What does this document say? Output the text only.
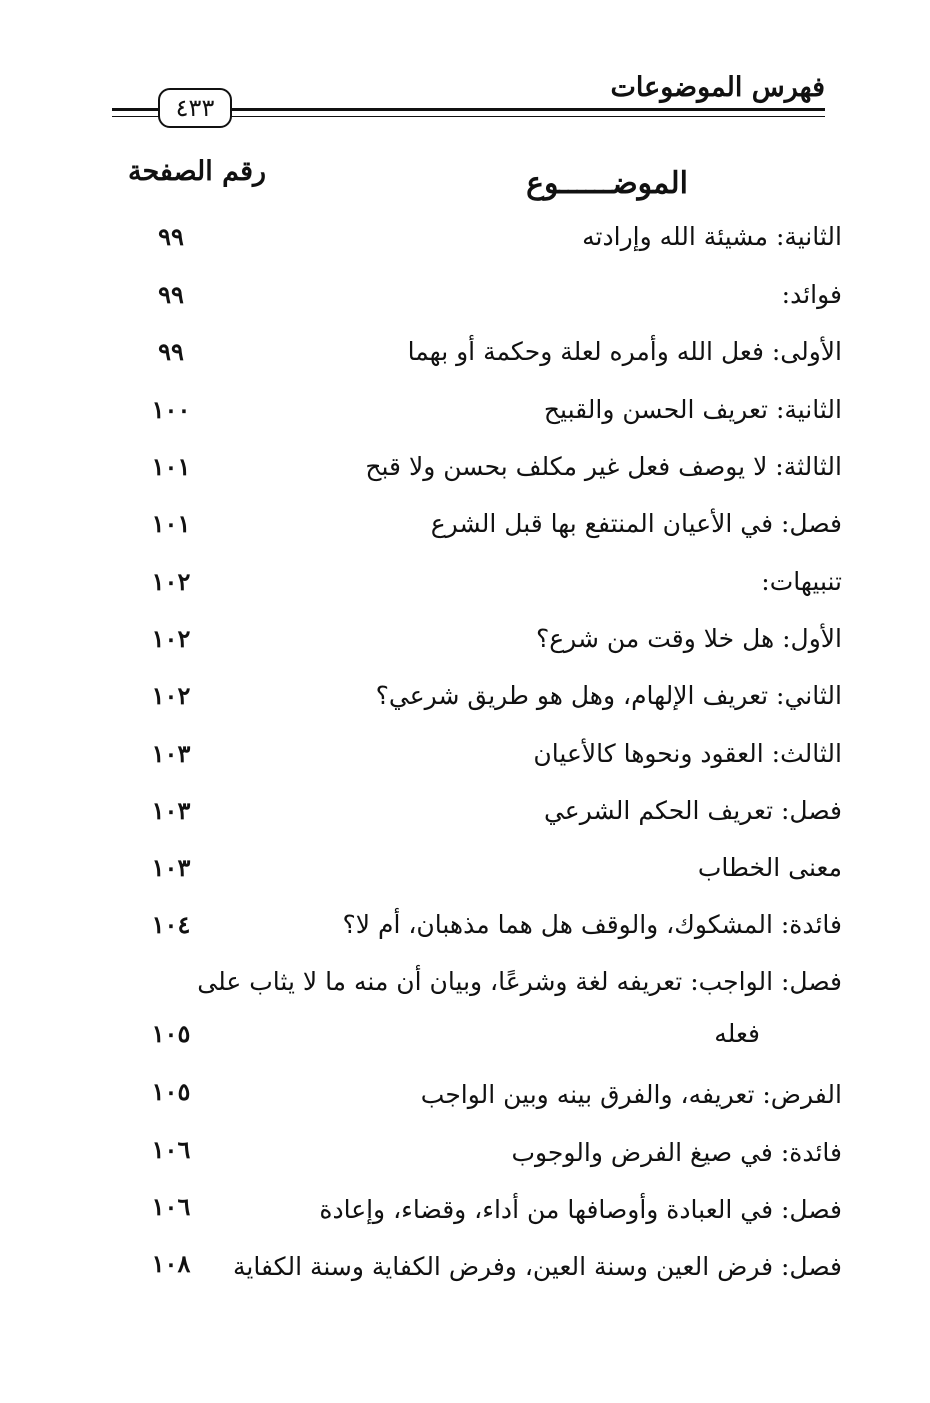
فهرس الموضوعات
٤٣٣
الموضــــــوع
رقم الصفحة
الثانية: مشيئة الله وإرادته
٩٩
فوائد:
٩٩
الأولى: فعل الله وأمره لعلة وحكمة أو بهما
٩٩
الثانية: تعريف الحسن والقبيح
١٠٠
الثالثة: لا يوصف فعل غير مكلف بحسن ولا قبح
١٠١
فصل: في الأعيان المنتفع بها قبل الشرع
١٠١
تنبيهات:
١٠٢
الأول: هل خلا وقت من شرع؟
١٠٢
الثاني: تعريف الإلهام، وهل هو طريق شرعي؟
١٠٢
الثالث: العقود ونحوها كالأعيان
١٠٣
فصل: تعريف الحكم الشرعي
١٠٣
معنى الخطاب
١٠٣
فائدة: المشكوك، والوقف هل هما مذهبان، أم لا؟
١٠٤
فصل: الواجب: تعريفه لغة وشرعًا، وبيان أن منه ما لا يثاب على
فعله
١٠٥
الفرض: تعريفه، والفرق بينه وبين الواجب
١٠٥
فائدة: في صيغ الفرض والوجوب
١٠٦
فصل: في العبادة وأوصافها من أداء، وقضاء، وإعادة
١٠٦
فصل: فرض العين وسنة العين، وفرض الكفاية وسنة الكفاية
١٠٨
